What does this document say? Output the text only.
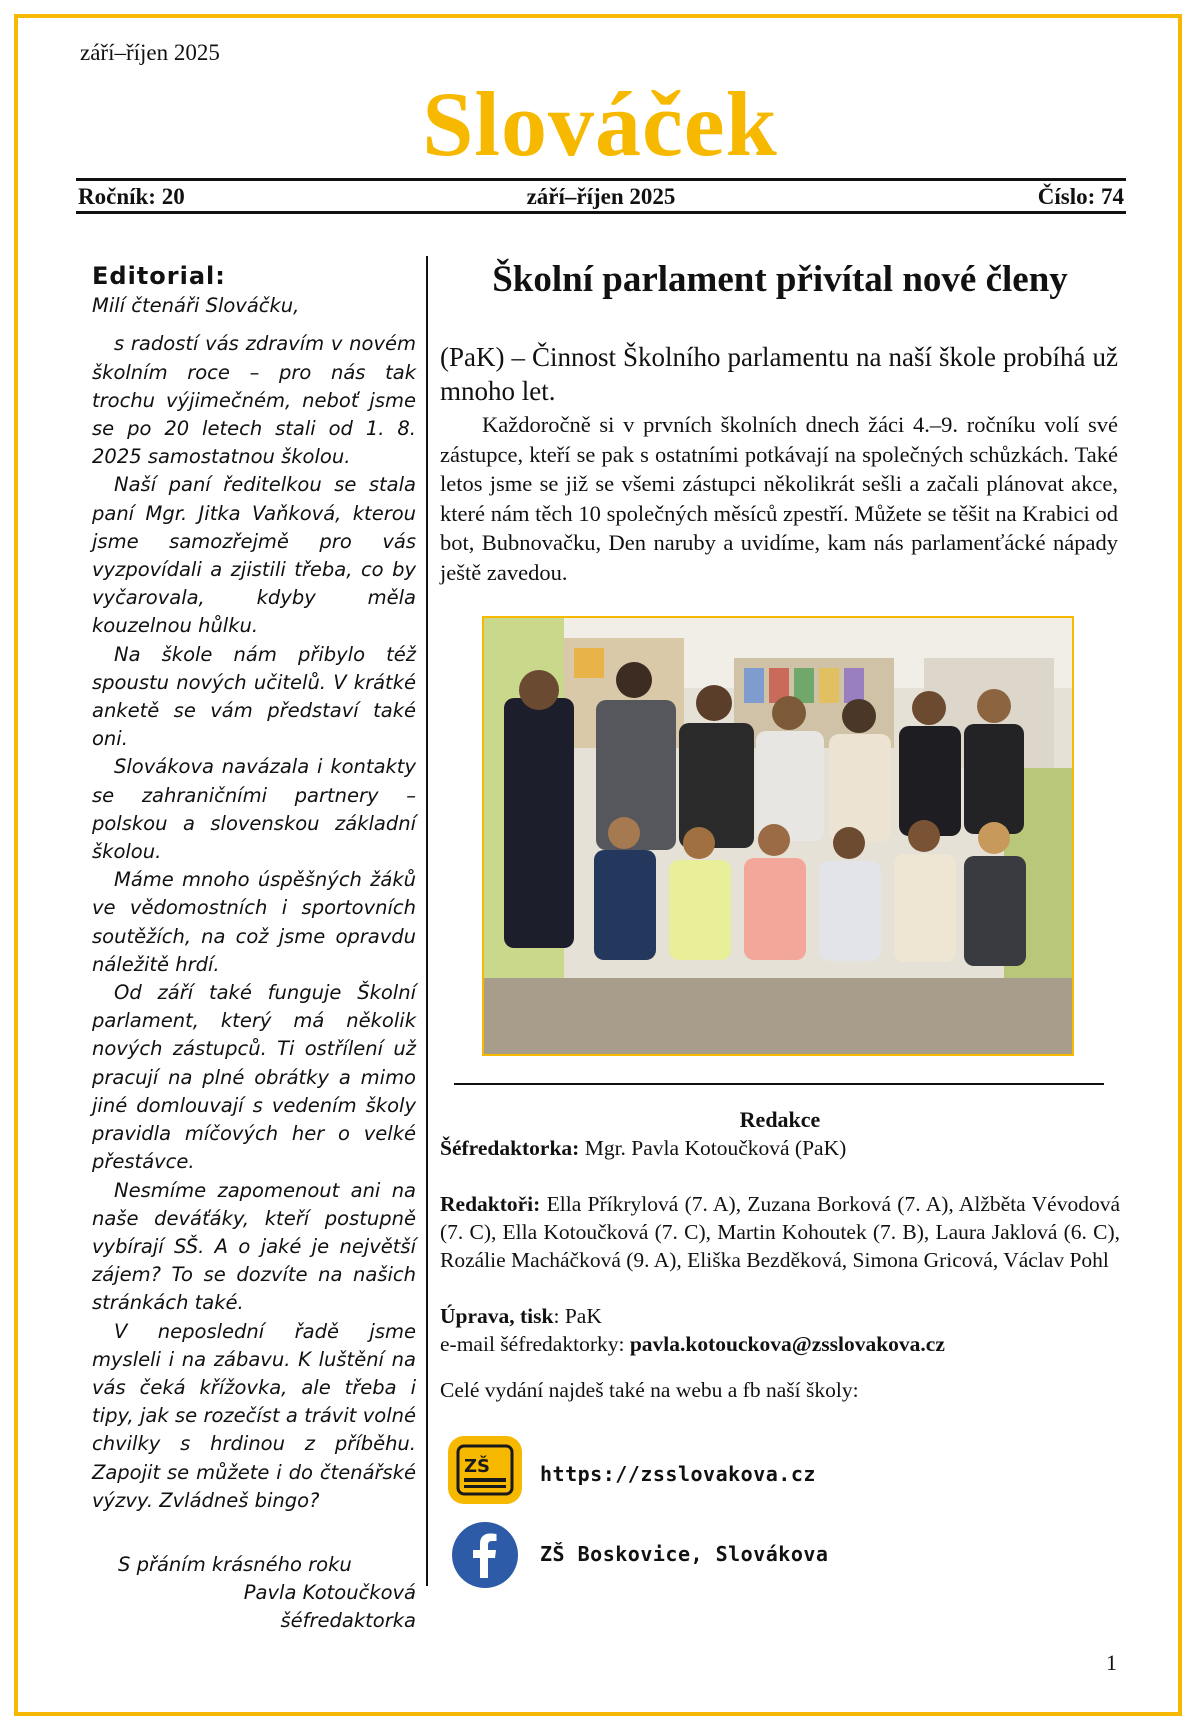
září–říjen 2025
Slováček
Ročník: 20	září–říjen 2025	Číslo: 74
Editorial:
Milí čtenáři Slováčku,

s radostí vás zdravím v novém školním roce – pro nás tak trochu výjimečném, neboť jsme se po 20 letech stali od 1. 8. 2025 samostatnou školou.

Naší paní ředitelkou se stala paní Mgr. Jitka Vaňková, kterou jsme samozřejmě pro vás vyzpovídali a zjistili třeba, co by vyčarovala, kdyby měla kouzelnou hůlku.

Na škole nám přibylo též spoustu nových učitelů. V krátké anketě se vám představí také oni.

Slovákova navázala i kontakty se zahraničními partnery – polskou a slovenskou základní školou.

Máme mnoho úspěšných žáků ve vědomostních i sportovních soutěžích, na což jsme opravdu náležitě hrdí.

Od září také funguje Školní parlament, který má několik nových zástupců. Ti ostřílení už pracují na plné obrátky a mimo jiné domlouvají s vedením školy pravidla míčových her o velké přestávce.

Nesmíme zapomenout ani na naše deváťáky, kteří postupně vybírají SŠ. A o jaké je největší zájem? To se dozvíte na našich stránkách také.

V neposlední řadě jsme mysleli i na zábavu. K luštění na vás čeká křížovka, ale třeba i tipy, jak se rozečíst a trávit volné chvilky s hrdinou z příběhu. Zapojit se můžete i do čtenářské výzvy. Zvládneš bingo?

S přáním krásného roku
Pavla Kotoučková
šéfredaktorka
Školní parlament přivítal nové členy
(PaK) – Činnost Školního parlamentu na naší škole probíhá už mnoho let.
Každoročně si v prvních školních dnech žáci 4.–9. ročníku volí své zástupce, kteří se pak s ostatními potkávají na společných schůzkách. Také letos jsme se již se všemi zástupci několikrát sešli a začali plánovat akce, které nám těch 10 společných měsíců zpestří. Můžete se těšit na Krabici od bot, Bubnovačku, Den naruby a uvidíme, kam nás parlamenťácké nápady ještě zavedou.
Redakce
Šéfredaktorka: Mgr. Pavla Kotoučková (PaK)
Redaktoři: Ella Příkrylová (7. A), Zuzana Borková (7. A), Alžběta Vévodová (7. C), Ella Kotoučková (7. C), Martin Kohoutek (7. B), Laura Jaklová (6. C), Rozálie Macháčková (9. A), Eliška Bezděková, Simona Gricová, Václav Pohl
Úprava, tisk: PaK
e-mail šéfredaktorky: pavla.kotouckova@zsslovakova.cz
Celé vydání najdeš také na webu a fb naší školy:
ZŠ https://zsslovakova.cz
ZŠ Boskovice, Slovákova
1
